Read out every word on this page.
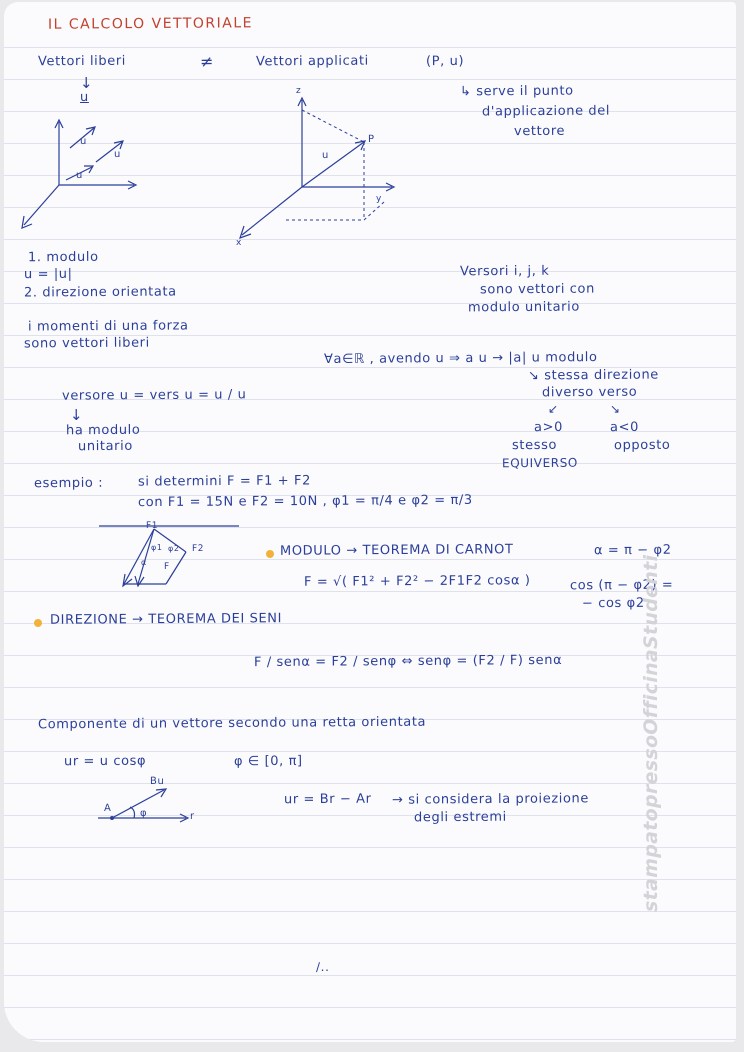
IL CALCOLO VETTORIALE
Vettori liberi	≠	Vettori applicati	(P, u)
↓
u	↳ serve il punto
d'applicazione del
vettore
u
u
u
z
u
P
x
y
1. modulo
u = |u|
2. direzione orientata
Versori i, j, k
sono vettori con
modulo unitario
i momenti di una forza
sono vettori liberi
∀a∈ℝ , avendo u ⇒ a u → |a| u modulo
↘ stessa direzione
diverso verso
↙	↘
a>0	a<0
stesso
EQUIVERSO
opposto
versore u = vers u = u / u
↓
ha modulo
unitario
esempio :	si determini F = F1 + F2
con F1 = 15N e F2 = 10N , φ1 = π/4 e φ2 = π/3
F1
F2
φ1 φ2
α F
MODULO → TEOREMA DI CARNOT
F = √( F1² + F2² − 2F1F2 cosα )
α = π − φ2
cos (π − φ2) =
− cos φ2
DIREZIONE → TEOREMA DEI SENI
F / senα = F2 / senφ ⇔ senφ = (F2 / F) senα
Componente di un vettore secondo una retta orientata
ur = u cosφ	φ ∈ [0, π]
Bu
A	φ	r
ur = Br − Ar → si considera la proiezione
degli estremi
/..
stampatopressoOfficinaStudenti
